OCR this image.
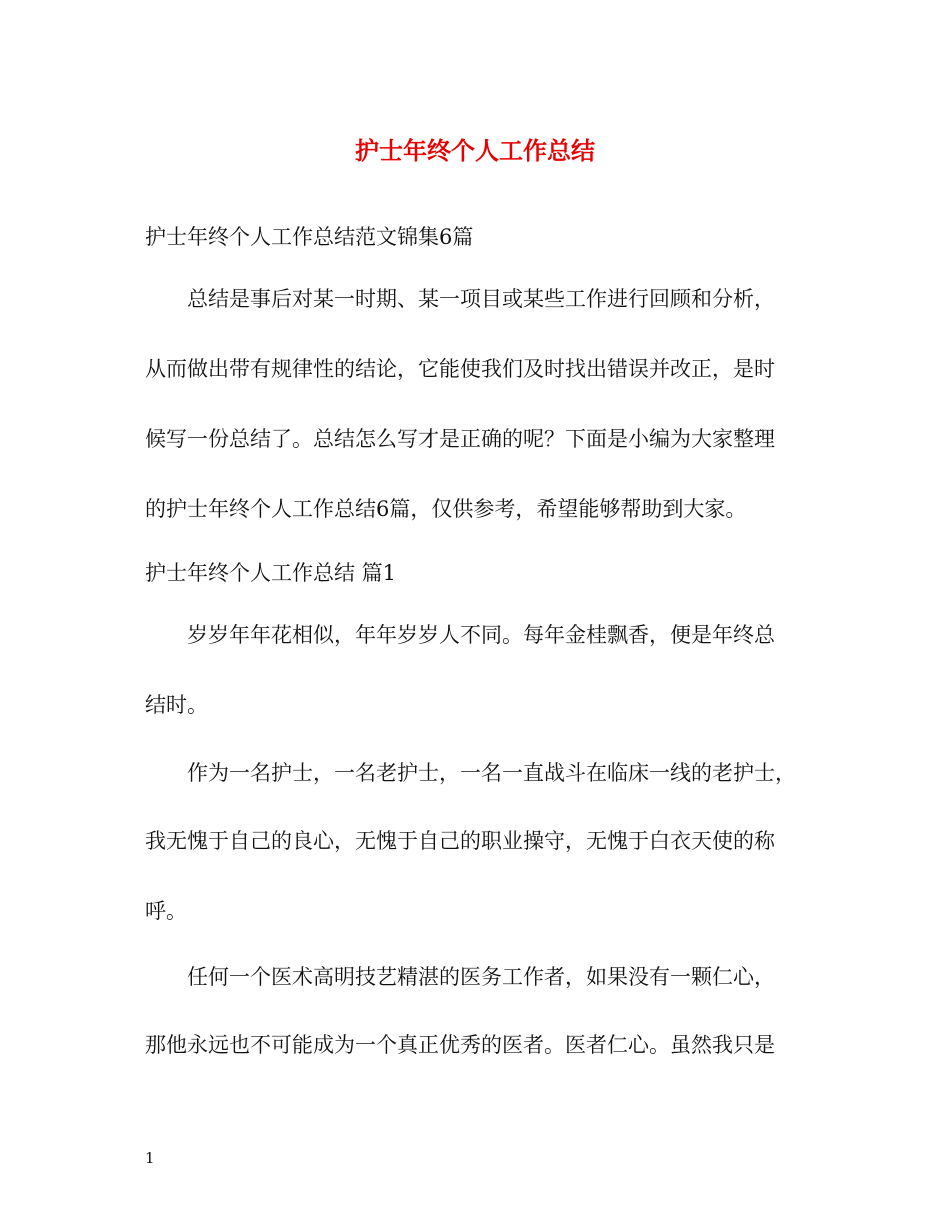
护士年终个人工作总结
护士年终个人工作总结范文锦集6篇
总结是事后对某一时期、某一项目或某些工作进行回顾和分析，
从而做出带有规律性的结论，它能使我们及时找出错误并改正，是时
候写一份总结了。总结怎么写才是正确的呢？下面是小编为大家整理
的护士年终个人工作总结6篇，仅供参考，希望能够帮助到大家。
护士年终个人工作总结 篇1
岁岁年年花相似，年年岁岁人不同。每年金桂飘香，便是年终总
结时。
作为一名护士，一名老护士，一名一直战斗在临床一线的老护士，
我无愧于自己的良心，无愧于自己的职业操守，无愧于白衣天使的称
呼。
任何一个医术高明技艺精湛的医务工作者，如果没有一颗仁心，
那他永远也不可能成为一个真正优秀的医者。医者仁心。虽然我只是
1
